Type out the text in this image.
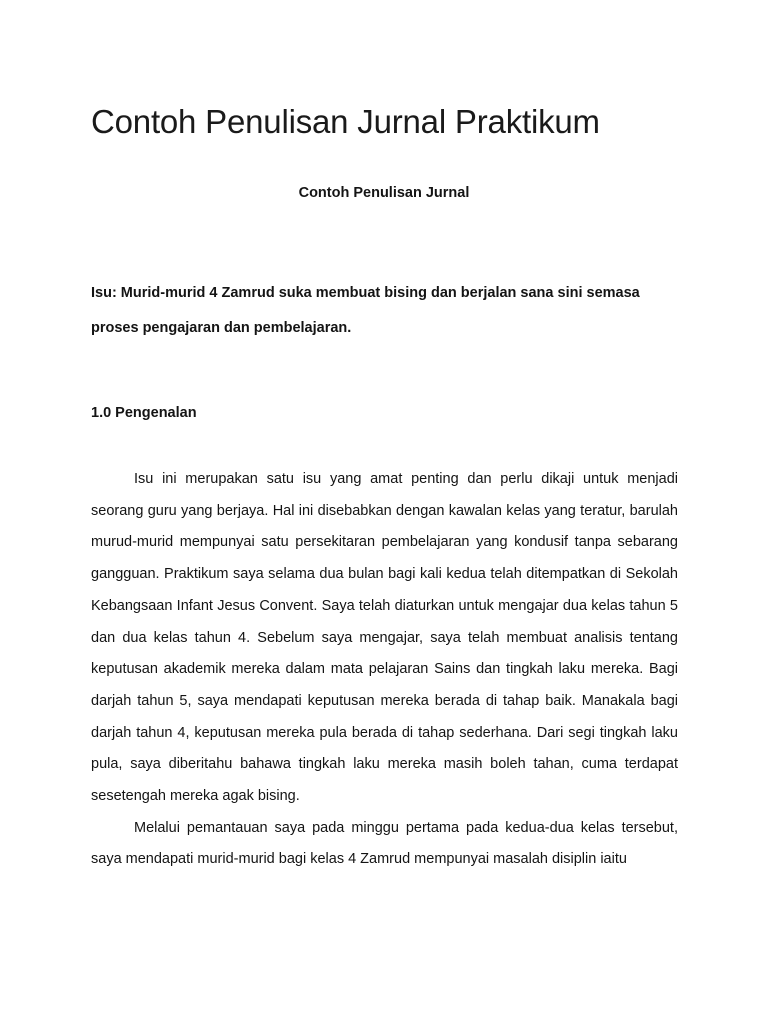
Contoh Penulisan Jurnal Praktikum

Contoh Penulisan Jurnal

Isu: Murid-murid 4 Zamrud suka membuat bising dan berjalan sana sini semasa proses pengajaran dan pembelajaran.

1.0 Pengenalan

Isu ini merupakan satu isu yang amat penting dan perlu dikaji untuk menjadi seorang guru yang berjaya. Hal ini disebabkan dengan kawalan kelas yang teratur, barulah murud-murid mempunyai satu persekitaran pembelajaran yang kondusif tanpa sebarang gangguan. Praktikum saya selama dua bulan bagi kali kedua telah ditempatkan di Sekolah Kebangsaan Infant Jesus Convent. Saya telah diaturkan untuk mengajar dua kelas tahun 5 dan dua kelas tahun 4. Sebelum saya mengajar, saya telah membuat analisis tentang keputusan akademik mereka dalam mata pelajaran Sains dan tingkah laku mereka. Bagi darjah tahun 5, saya mendapati keputusan mereka berada di tahap baik. Manakala bagi darjah tahun 4, keputusan mereka pula berada di tahap sederhana. Dari segi tingkah laku pula, saya diberitahu bahawa tingkah laku mereka masih boleh tahan, cuma terdapat sesetengah mereka agak bising.

Melalui pemantauan saya pada minggu pertama pada kedua-dua kelas tersebut, saya mendapati murid-murid bagi kelas 4 Zamrud mempunyai masalah disiplin iaitu
